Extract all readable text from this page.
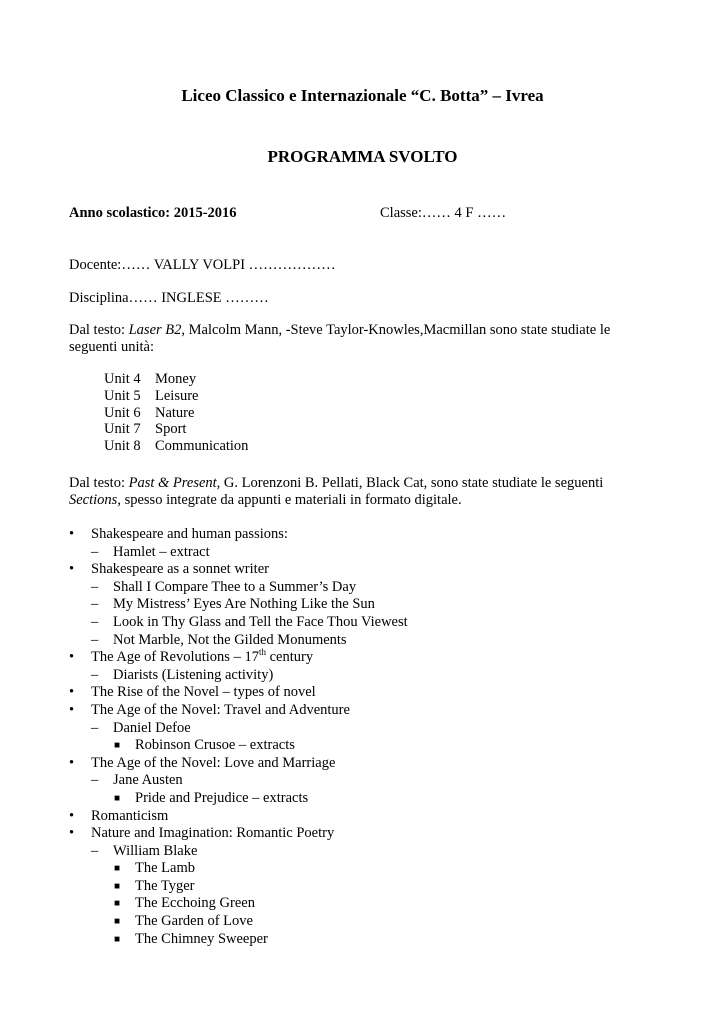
Liceo Classico e Internazionale “C. Botta” – Ivrea
PROGRAMMA SVOLTO
Anno scolastico: 2015-2016	Classe:…… 4 F ……
Docente:…… VALLY VOLPI ………………
Disciplina…… INGLESE ………
Dal testo: Laser B2, Malcolm Mann, -Steve Taylor-Knowles,Macmillan sono state studiate le seguenti unità:
Unit 4 Money
Unit 5 Leisure
Unit 6 Nature
Unit 7 Sport
Unit 8 Communication
Dal testo: Past & Present, G. Lorenzoni B. Pellati, Black Cat, sono state studiate le seguenti Sections, spesso integrate da appunti e materiali in formato digitale.
• Shakespeare and human passions:
– Hamlet – extract
• Shakespeare as a sonnet writer
– Shall I Compare Thee to a Summer’s Day
– My Mistress’ Eyes Are Nothing Like the Sun
– Look in Thy Glass and Tell the Face Thou Viewest
– Not Marble, Not the Gilded Monuments
• The Age of Revolutions – 17th century
– Diarists (Listening activity)
• The Rise of the Novel – types of novel
• The Age of the Novel: Travel and Adventure
– Daniel Defoe
■ Robinson Crusoe – extracts
• The Age of the Novel: Love and Marriage
– Jane Austen
■ Pride and Prejudice – extracts
• Romanticism
• Nature and Imagination: Romantic Poetry
– William Blake
■ The Lamb
■ The Tyger
■ The Ecchoing Green
■ The Garden of Love
■ The Chimney Sweeper
